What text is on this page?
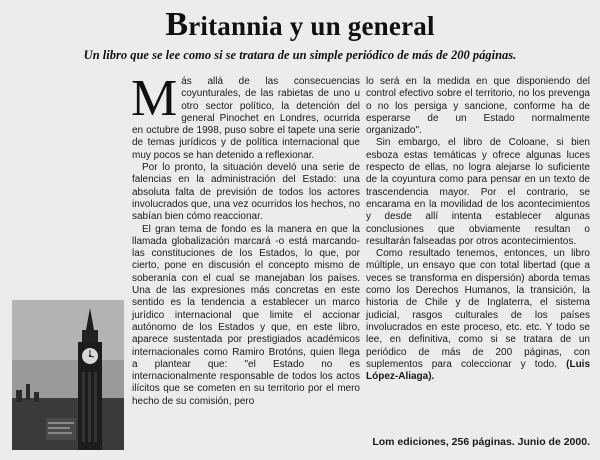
Britannia y un general
Un libro que se lee como si se tratara de un simple periódico de más de 200 páginas.

Más allá de las consecuencias coyunturales, de las rabietas de uno u otro sector político, la detención del general Pinochet en Londres, ocurrida en octubre de 1998, puso sobre el tapete una serie de temas jurídicos y de política internacional que muy pocos se han detenido a reflexionar.

Por lo pronto, la situación develó una serie de falencias en la administración del Estado: una absoluta falta de previsión de todos los actores involucrados que, una vez ocurridos los hechos, no sabían bien cómo reaccionar.

El gran tema de fondo es la manera en que la llamada globalización marcará -o está marcando- las constituciones de los Estados, lo que, por cierto, pone en discusión el concepto mismo de soberanía con el cual se manejaban los países. Una de las expresiones más concretas en este sentido es la tendencia a establecer un marco jurídico internacional que limite el accionar autónomo de los Estados y que, en este libro, aparece sustentada por prestigiados académicos internacionales como Ramiro Brotóns, quien llega a plantear que: "el Estado no es internacionalmente responsable de todos los actos ilícitos que se cometen en su territorio por el mero hecho de su comisión, pero

lo será en la medida en que disponiendo del control efectivo sobre el territorio, no los prevenga o no los persiga y sancione, conforme ha de esperarse de un Estado normalmente organizado".

Sin embargo, el libro de Coloane, si bien esboza estas temáticas y ofrece algunas luces respecto de ellas, no logra alejarse lo suficiente de la coyuntura como para pensar en un texto de trascendencia mayor. Por el contrario, se encarama en la movilidad de los acontecimientos y desde allí intenta establecer algunas conclusiones que obviamente resultan o resultarán falseadas por otros acontecimientos.

Como resultado tenemos, entonces, un libro múltiple, un ensayo que con total libertad (que a veces se transforma en dispersión) aborda temas como los Derechos Humanos, la transición, la historia de Chile y de Inglaterra, el sistema judicial, rasgos culturales de los países involucrados en este proceso, etc. etc. Y todo se lee, en definitiva, como si se tratara de un periódico de más de 200 páginas, con suplementos para coleccionar y todo. (Luis López-Aliaga).

Lom ediciones, 256 páginas. Junio de 2000.
